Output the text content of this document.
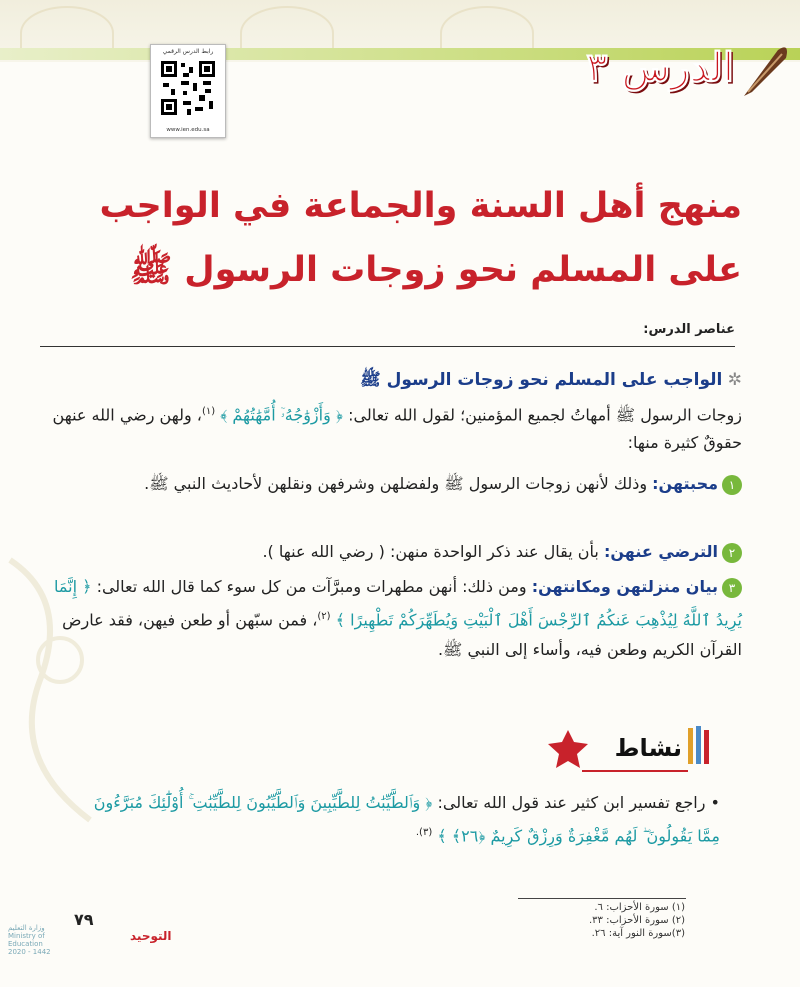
رابط الدرس الرقمي
www.ien.edu.sa
الدرس ٣
منهج أهل السنة والجماعة في الواجب
على المسلم نحو زوجات الرسول ﷺ
عناصر الدرس:
✲ الواجب على المسلم نحو زوجات الرسول ﷺ
زوجات الرسول ﷺ أمهاتُ لجميع المؤمنين؛ لقول الله تعالى: ﴿ وَأَزْوَٰجُهُۥٓ أُمَّهَٰتُهُمْ ﴾ $^{(١)}$، ولهن رضي الله عنهن حقوقٌ كثيرة منها:
١محبتهن: وذلك لأنهن زوجات الرسول ﷺ ولفضلهن وشرفهن ونقلهن لأحاديث النبي ﷺ.
٢الترضي عنهن: بأن يقال عند ذكر الواحدة منهن: ( رضي الله عنها ).
٣بيان منزلتهن ومكانتهن: ومن ذلك: أنهن مطهرات ومبرَّآت من كل سوء كما قال الله تعالى: ﴿ إِنَّمَا يُرِيدُ ٱللَّهُ لِيُذْهِبَ عَنكُمُ ٱلرِّجْسَ أَهْلَ ٱلْبَيْتِ وَيُطَهِّرَكُمْ تَطْهِيرًا ﴾ $^{(٢)}$، فمن سبّهن أو طعن فيهن، فقد عارض القرآن الكريم وطعن فيه، وأساء إلى النبي ﷺ.
نشاط
• راجع تفسير ابن كثير عند قول الله تعالى: ﴿ وَٱلطَّيِّبَٰتُ لِلطَّيِّبِينَ وَٱلطَّيِّبُونَ لِلطَّيِّبَٰتِ ۚ أُوْلَٰٓئِكَ مُبَرَّءُونَ مِمَّا يَقُولُونَ ۖ لَهُم مَّغْفِرَةٌ وَرِزْقٌ كَرِيمٌ ﴿٢٦﴾ ﴾ $^{(٣).}$
(١) سورة الأحزاب: ٦.
(٢) سورة الأحزاب: ٣٣.
(٣)سورة النور آية: ٢٦.
وزارة التعليم
Ministry of Education
2020 - 1442
٧٩
التوحيد
